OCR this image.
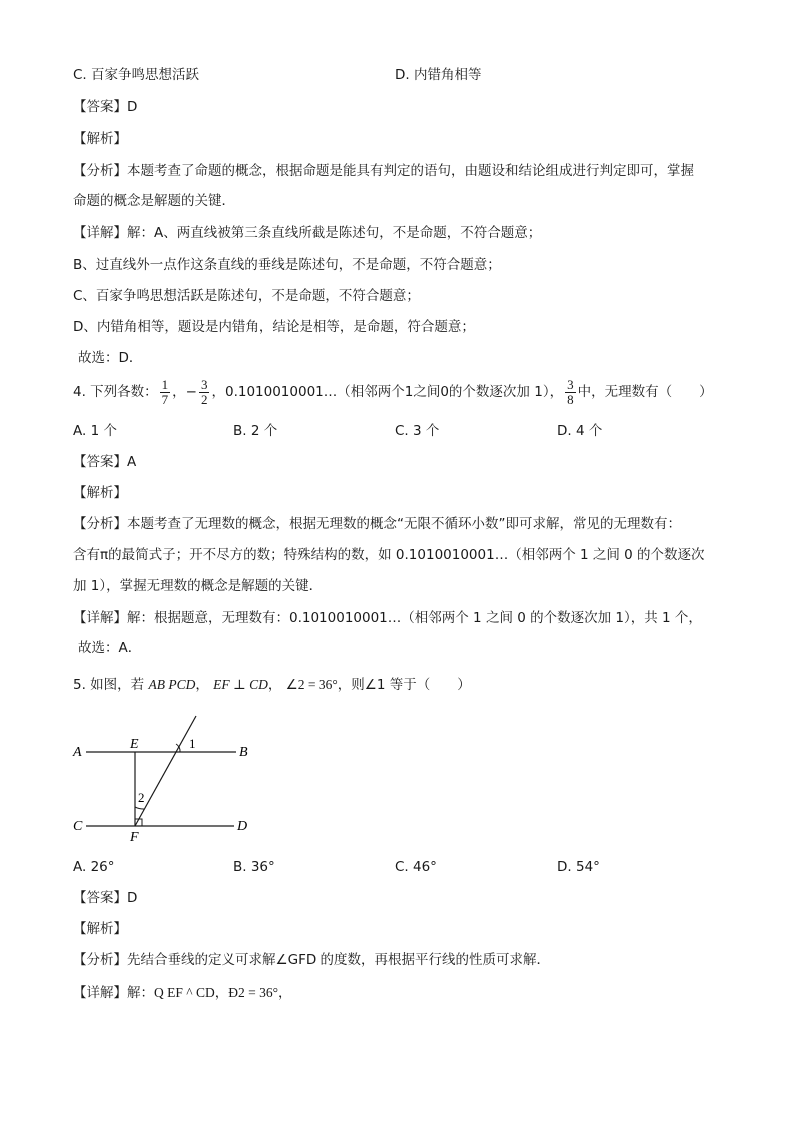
C. 百家争鸣思想活跃	D. 内错角相等
【答案】D
【解析】
【分析】本题考查了命题的概念，根据命题是能具有判定的语句，由题设和结论组成进行判定即可，掌握
命题的概念是解题的关键．
【详解】解：A、两直线被第三条直线所截是陈述句，不是命题，不符合题意；
B、过直线外一点作这条直线的垂线是陈述句，不是命题，不符合题意；
C、百家争鸣思想活跃是陈述句，不是命题，不符合题意；
D、内错角相等，题设是内错角，结论是相等，是命题，符合题意；
故选：D．
4. 下列各数： $\frac{1}{7}$ ，− $\frac{3}{2}$ ，0.1010010001…（相邻两个1之间0的个数逐次加 1）， $\frac{3}{8}$ 中，无理数有（　　）
A. 1 个	B. 2 个	C. 3 个	D. 4 个
【答案】A
【解析】
【分析】本题考查了无理数的概念，根据无理数的概念“无限不循环小数”即可求解，常见的无理数有：
含有π的最简式子；开不尽方的数；特殊结构的数，如 0.1010010001…（相邻两个 1 之间 0 的个数逐次
加 1），掌握无理数的概念是解题的关键．
【详解】解：根据题意，无理数有：0.1010010001…（相邻两个 1 之间 0 的个数逐次加 1），共 1 个，
故选：A．
5. 如图，若 AB PCD， EF ⊥ CD， ∠2 = 36°，则∠1 等于（　　）
A	B
C	D
E
F
1
2
A. 26°	B. 36°	C. 46°	D. 54°
【答案】D
【解析】
【分析】先结合垂线的定义可求解∠GFD 的度数，再根据平行线的性质可求解．
【详解】解：Q EF ^ CD，Ð2 = 36°，
